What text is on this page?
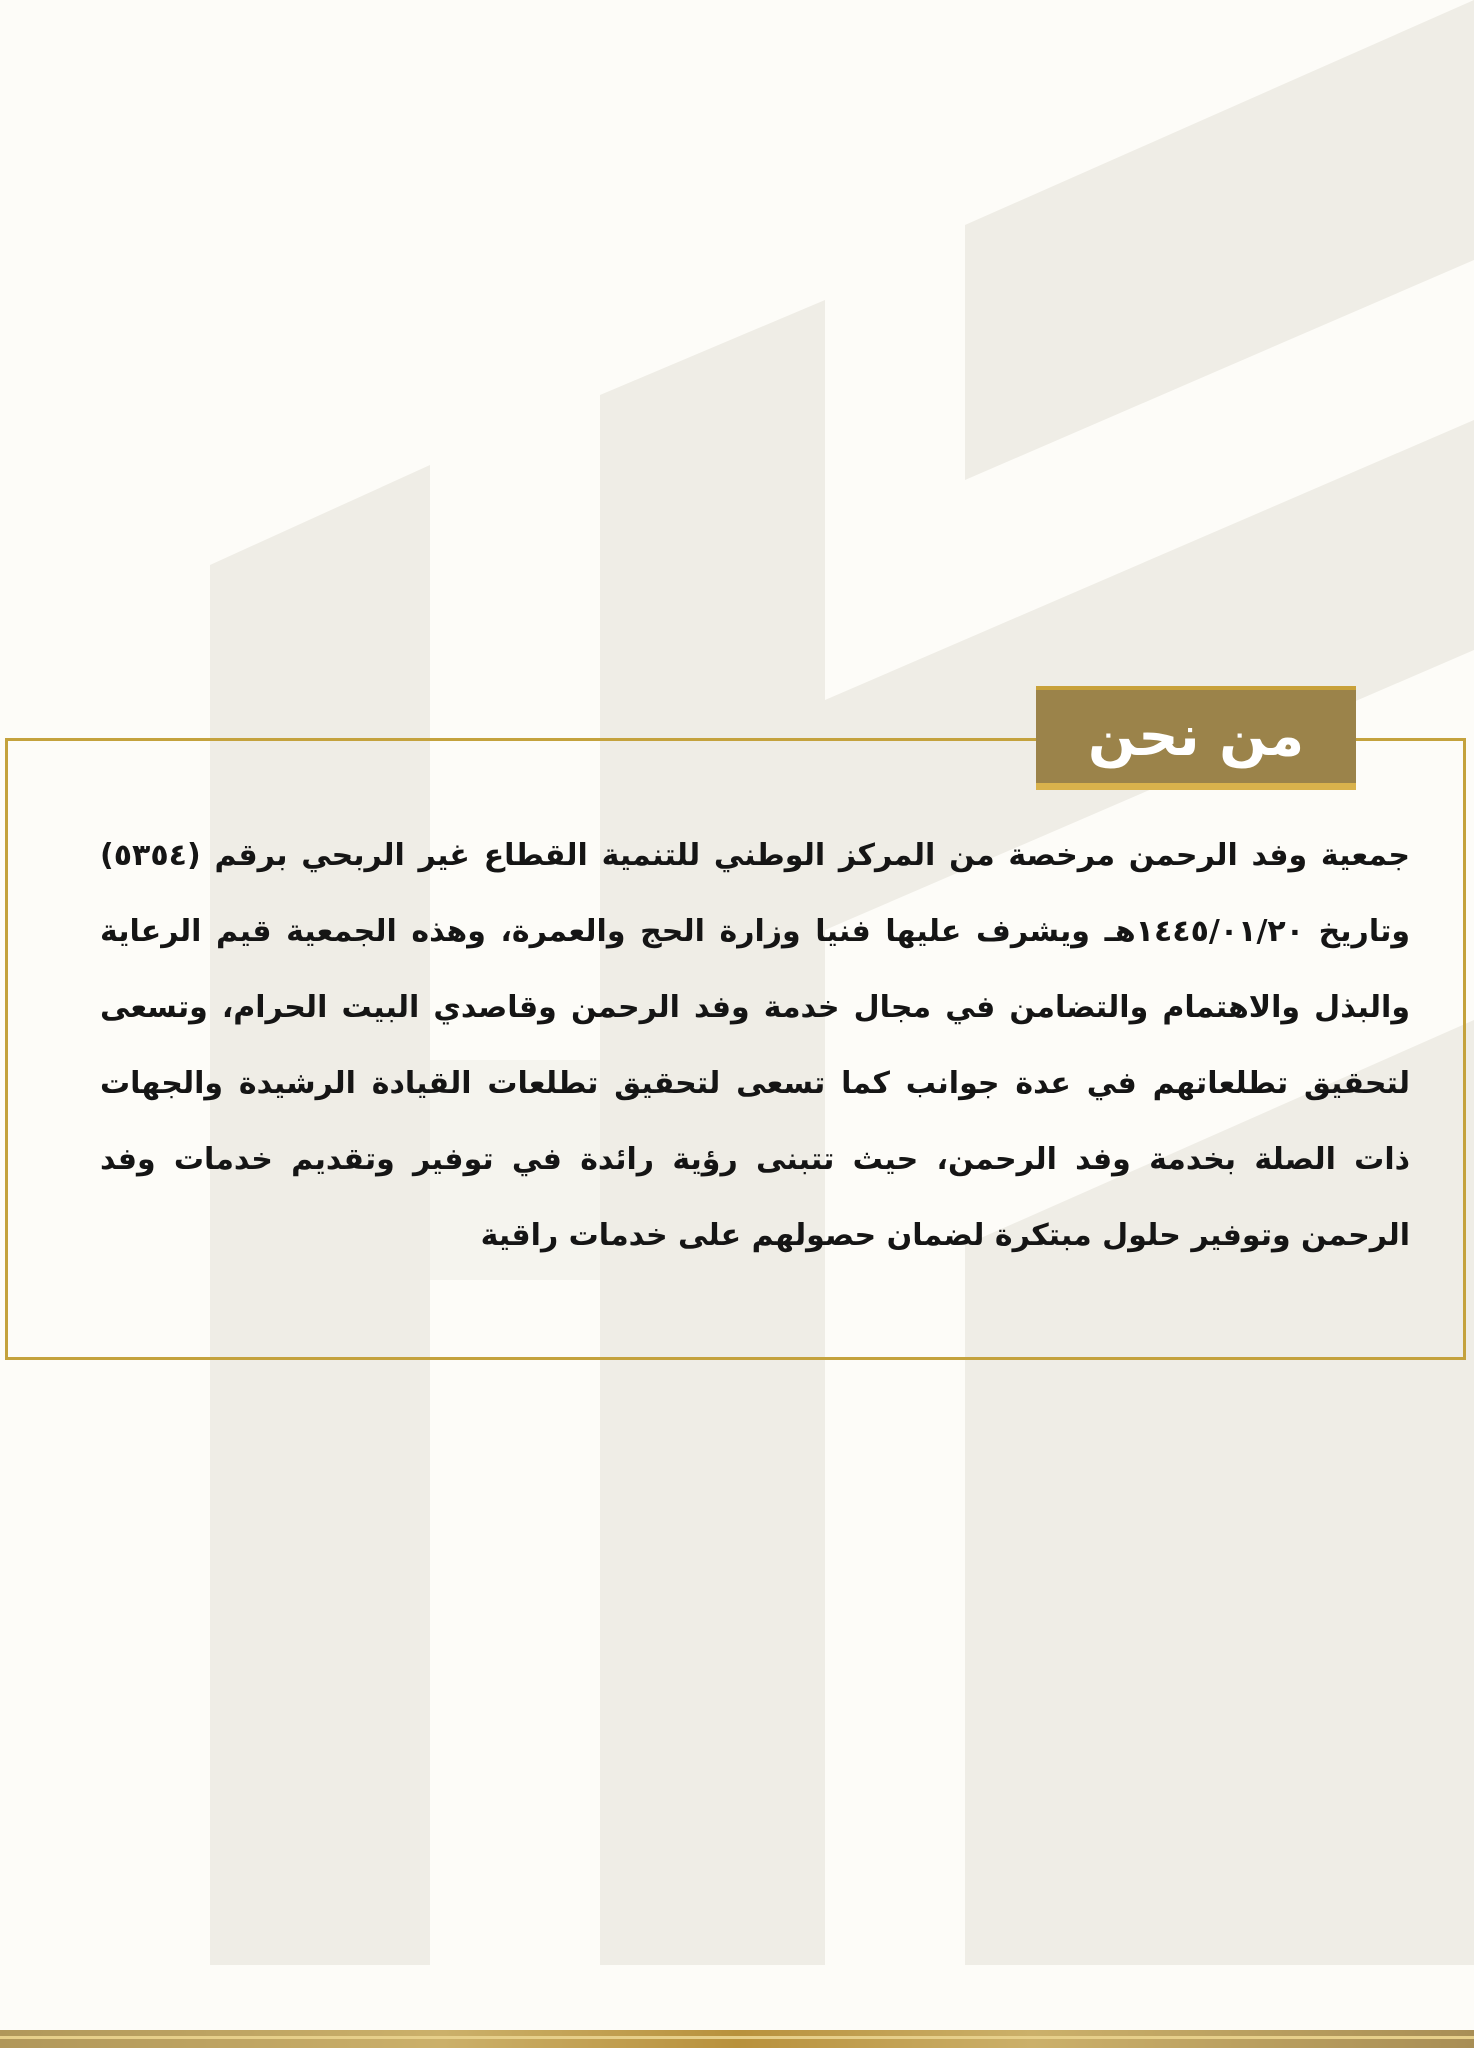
من نحن

جمعية وفد الرحمن مرخصة من المركز الوطني للتنمية القطاع غير الربحي برقم (٥٣٥٤) وتاريخ ١٤٤٥/٠١/٢٠هـ ويشرف عليها فنيا وزارة الحج والعمرة، وهذه الجمعية قيم الرعاية والبذل والاهتمام والتضامن في مجال خدمة وفد الرحمن وقاصدي البيت الحرام، وتسعى لتحقيق تطلعاتهم في عدة جوانب كما تسعى لتحقيق تطلعات القيادة الرشيدة والجهات ذات الصلة بخدمة وفد الرحمن، حيث تتبنى رؤية رائدة في توفير وتقديم خدمات وفد الرحمن وتوفير حلول مبتكرة لضمان حصولهم على خدمات راقية
